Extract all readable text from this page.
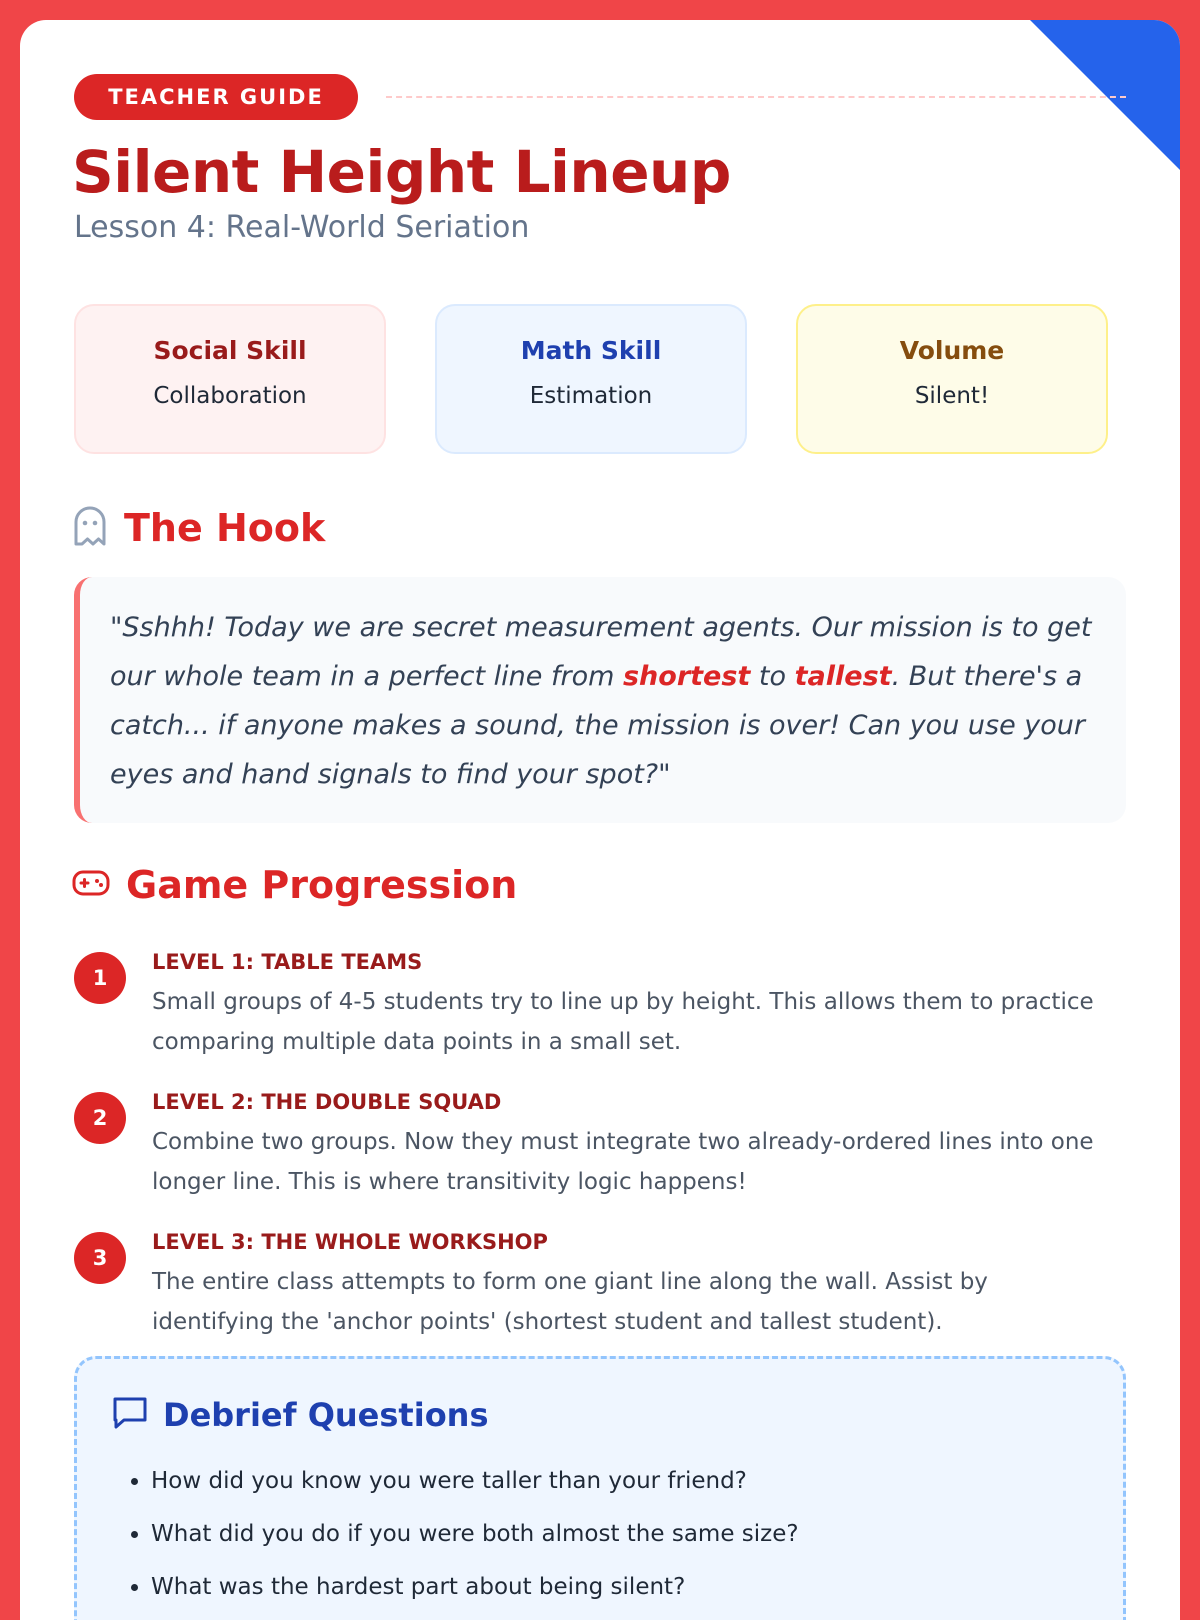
TEACHER GUIDE
Silent Height Lineup
Lesson 4: Real-World Seriation
Social Skill
Collaboration
Math Skill
Estimation
Volume
Silent!
The Hook
"Sshhh! Today we are secret measurement agents. Our mission is to get our whole team in a perfect line from shortest to tallest. But there's a catch... if anyone makes a sound, the mission is over! Can you use your eyes and hand signals to find your spot?"
Game Progression
1
LEVEL 1: TABLE TEAMS
Small groups of 4-5 students try to line up by height. This allows them to practice comparing multiple data points in a small set.
2
LEVEL 2: THE DOUBLE SQUAD
Combine two groups. Now they must integrate two already-ordered lines into one longer line. This is where transitivity logic happens!
3
LEVEL 3: THE WHOLE WORKSHOP
The entire class attempts to form one giant line along the wall. Assist by identifying the 'anchor points' (shortest student and tallest student).
Debrief Questions
• How did you know you were taller than your friend?
• What did you do if you were both almost the same size?
• What was the hardest part about being silent?
